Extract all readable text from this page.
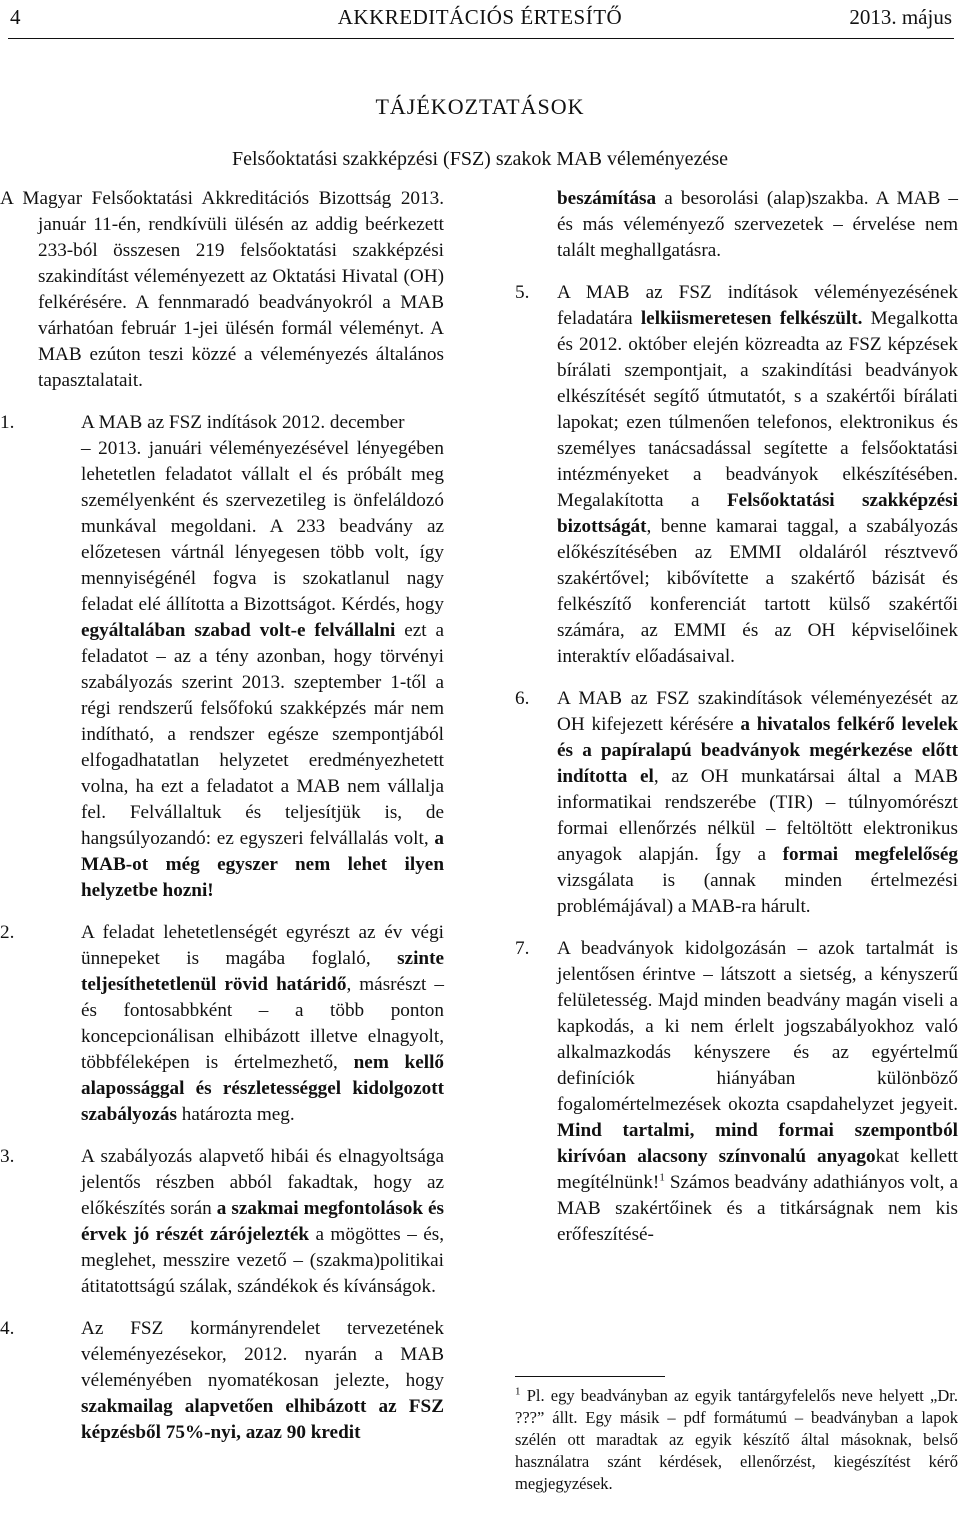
4	AKKREDITÁCIÓS ÉRTESÍTŐ	2013. május
TÁJÉKOZTATÁSOK
Felsőoktatási szakképzési (FSZ) szakok MAB véleményezése

A Magyar Felsőoktatási Akkreditációs Bizottság 2013. január 11-én, rendkívüli ülésén az addig beérkezett 233-ból összesen 219 felsőoktatási szakképzési szakindítást véleményezett az Oktatási Hivatal (OH) felkérésére. A fennmaradó beadványokról a MAB várhatóan február 1-jei ülésén formál véleményt. A MAB ezúton teszi közzé a véleményezés általános tapasztalatait.

1.	A MAB az FSZ indítások 2012. december
– 2013. januári véleményezésével lényegében lehetetlen feladatot vállalt el és próbált meg személyenként és szervezetileg is önfeláldozó munkával megoldani. A 233 beadvány az előzetesen vártnál lényegesen több volt, így mennyiségénél fogva is szokatlanul nagy feladat elé állította a Bizottságot. Kérdés, hogy egyáltalában szabad volt-e felvállalni ezt a feladatot – az a tény azonban, hogy törvényi szabályozás szerint 2013. szeptember 1-től a régi rendszerű felsőfokú szakképzés már nem indítható, a rendszer egésze szempontjából elfogadhatatlan helyzetet eredményezhetett volna, ha ezt a feladatot a MAB nem vállalja fel. Felvállaltuk és teljesítjük is, de hangsúlyozandó: ez egyszeri felvállalás volt, a MAB-ot még egyszer nem lehet ilyen helyzetbe hozni!
2.	A feladat lehetetlenségét egyrészt az év végi ünnepeket is magába foglaló, szinte teljesíthetetlenül rövid határidő, másrészt – és fontosabbként – a több ponton koncepcionálisan elhibázott illetve elnagyolt, többféleképen is értelmezhető, nem kellő alapossággal és részletességgel kidolgozott szabályozás határozta meg.
3.	A szabályozás alapvető hibái és elnagyoltsága jelentős részben abból fakadtak, hogy az előkészítés során a szakmai megfontolások és érvek jó részét zárójelezték a mögöttes – és, meglehet, messzire vezető – (szakma)politikai átitatottságú szálak, szándékok és kívánságok.
4.	Az FSZ kormányrendelet tervezetének véleményezésekor, 2012. nyarán a MAB véleményében nyomatékosan jelezte, hogy szakmailag alapvetően elhibázott az FSZ képzésből 75%-nyi, azaz 90 kredit

beszámítása a besorolási (alap)szakba. A MAB – és más véleményező szervezetek – érvelése nem talált meghallgatásra.

5. A MAB az FSZ indítások véleményezésének feladatára lelkiismeretesen felkészült. Megalkotta és 2012. október elején közreadta az FSZ képzések bírálati szempontjait, a szakindítási beadványok elkészítését segítő útmutatót, s a szakértői bírálati lapokat; ezen túlmenően telefonos, elektronikus és személyes tanácsadással segítette a felsőoktatási intézményeket a beadványok elkészítésében. Megalakította a Felsőoktatási szakképzési bizottságát, benne kamarai taggal, a szabályozás előkészítésében az EMMI oldaláról résztvevő szakértővel; kibővítette a szakértő bázisát és felkészítő konferenciát tartott külső szakértői számára, az EMMI és az OH képviselőinek interaktív előadásaival.
6. A MAB az FSZ szakindítások véleményezését az OH kifejezett kérésére a hivatalos felkérő levelek és a papíralapú beadványok megérkezése előtt indította el, az OH munkatársai által a MAB informatikai rendszerébe (TIR) – túlnyomórészt formai ellenőrzés nélkül – feltöltött elektronikus anyagok alapján. Így a formai megfelelőség vizsgálata is (annak minden értelmezési problémájával) a MAB-ra hárult.
7. A beadványok kidolgozásán – azok tartalmát is jelentősen érintve – látszott a sietség, a kényszerű felületesség. Majd minden beadvány magán viseli a kapkodás, a ki nem érlelt jogszabályokhoz való alkalmazkodás kényszere és az egyértelmű definíciók hiányában különböző fogalomértelmezések okozta csapdahelyzet jegyeit. Mind tartalmi, mind formai szempontból kirívóan alacsony színvonalú anyagokat kellett megítélnünk!$^1$ Számos beadvány adathiányos volt, a MAB szakértőinek és a titkárságnak nem kis erőfeszítésé-
$^1$ Pl. egy beadványban az egyik tantárgyfelelős neve helyett „Dr. ???” állt. Egy másik – pdf formátumú – beadványban a lapok szélén ott maradtak az egyik készítő által másoknak, belső használatra szánt kérdések, ellenőrzést, kiegészítést kérő megjegyzések.
